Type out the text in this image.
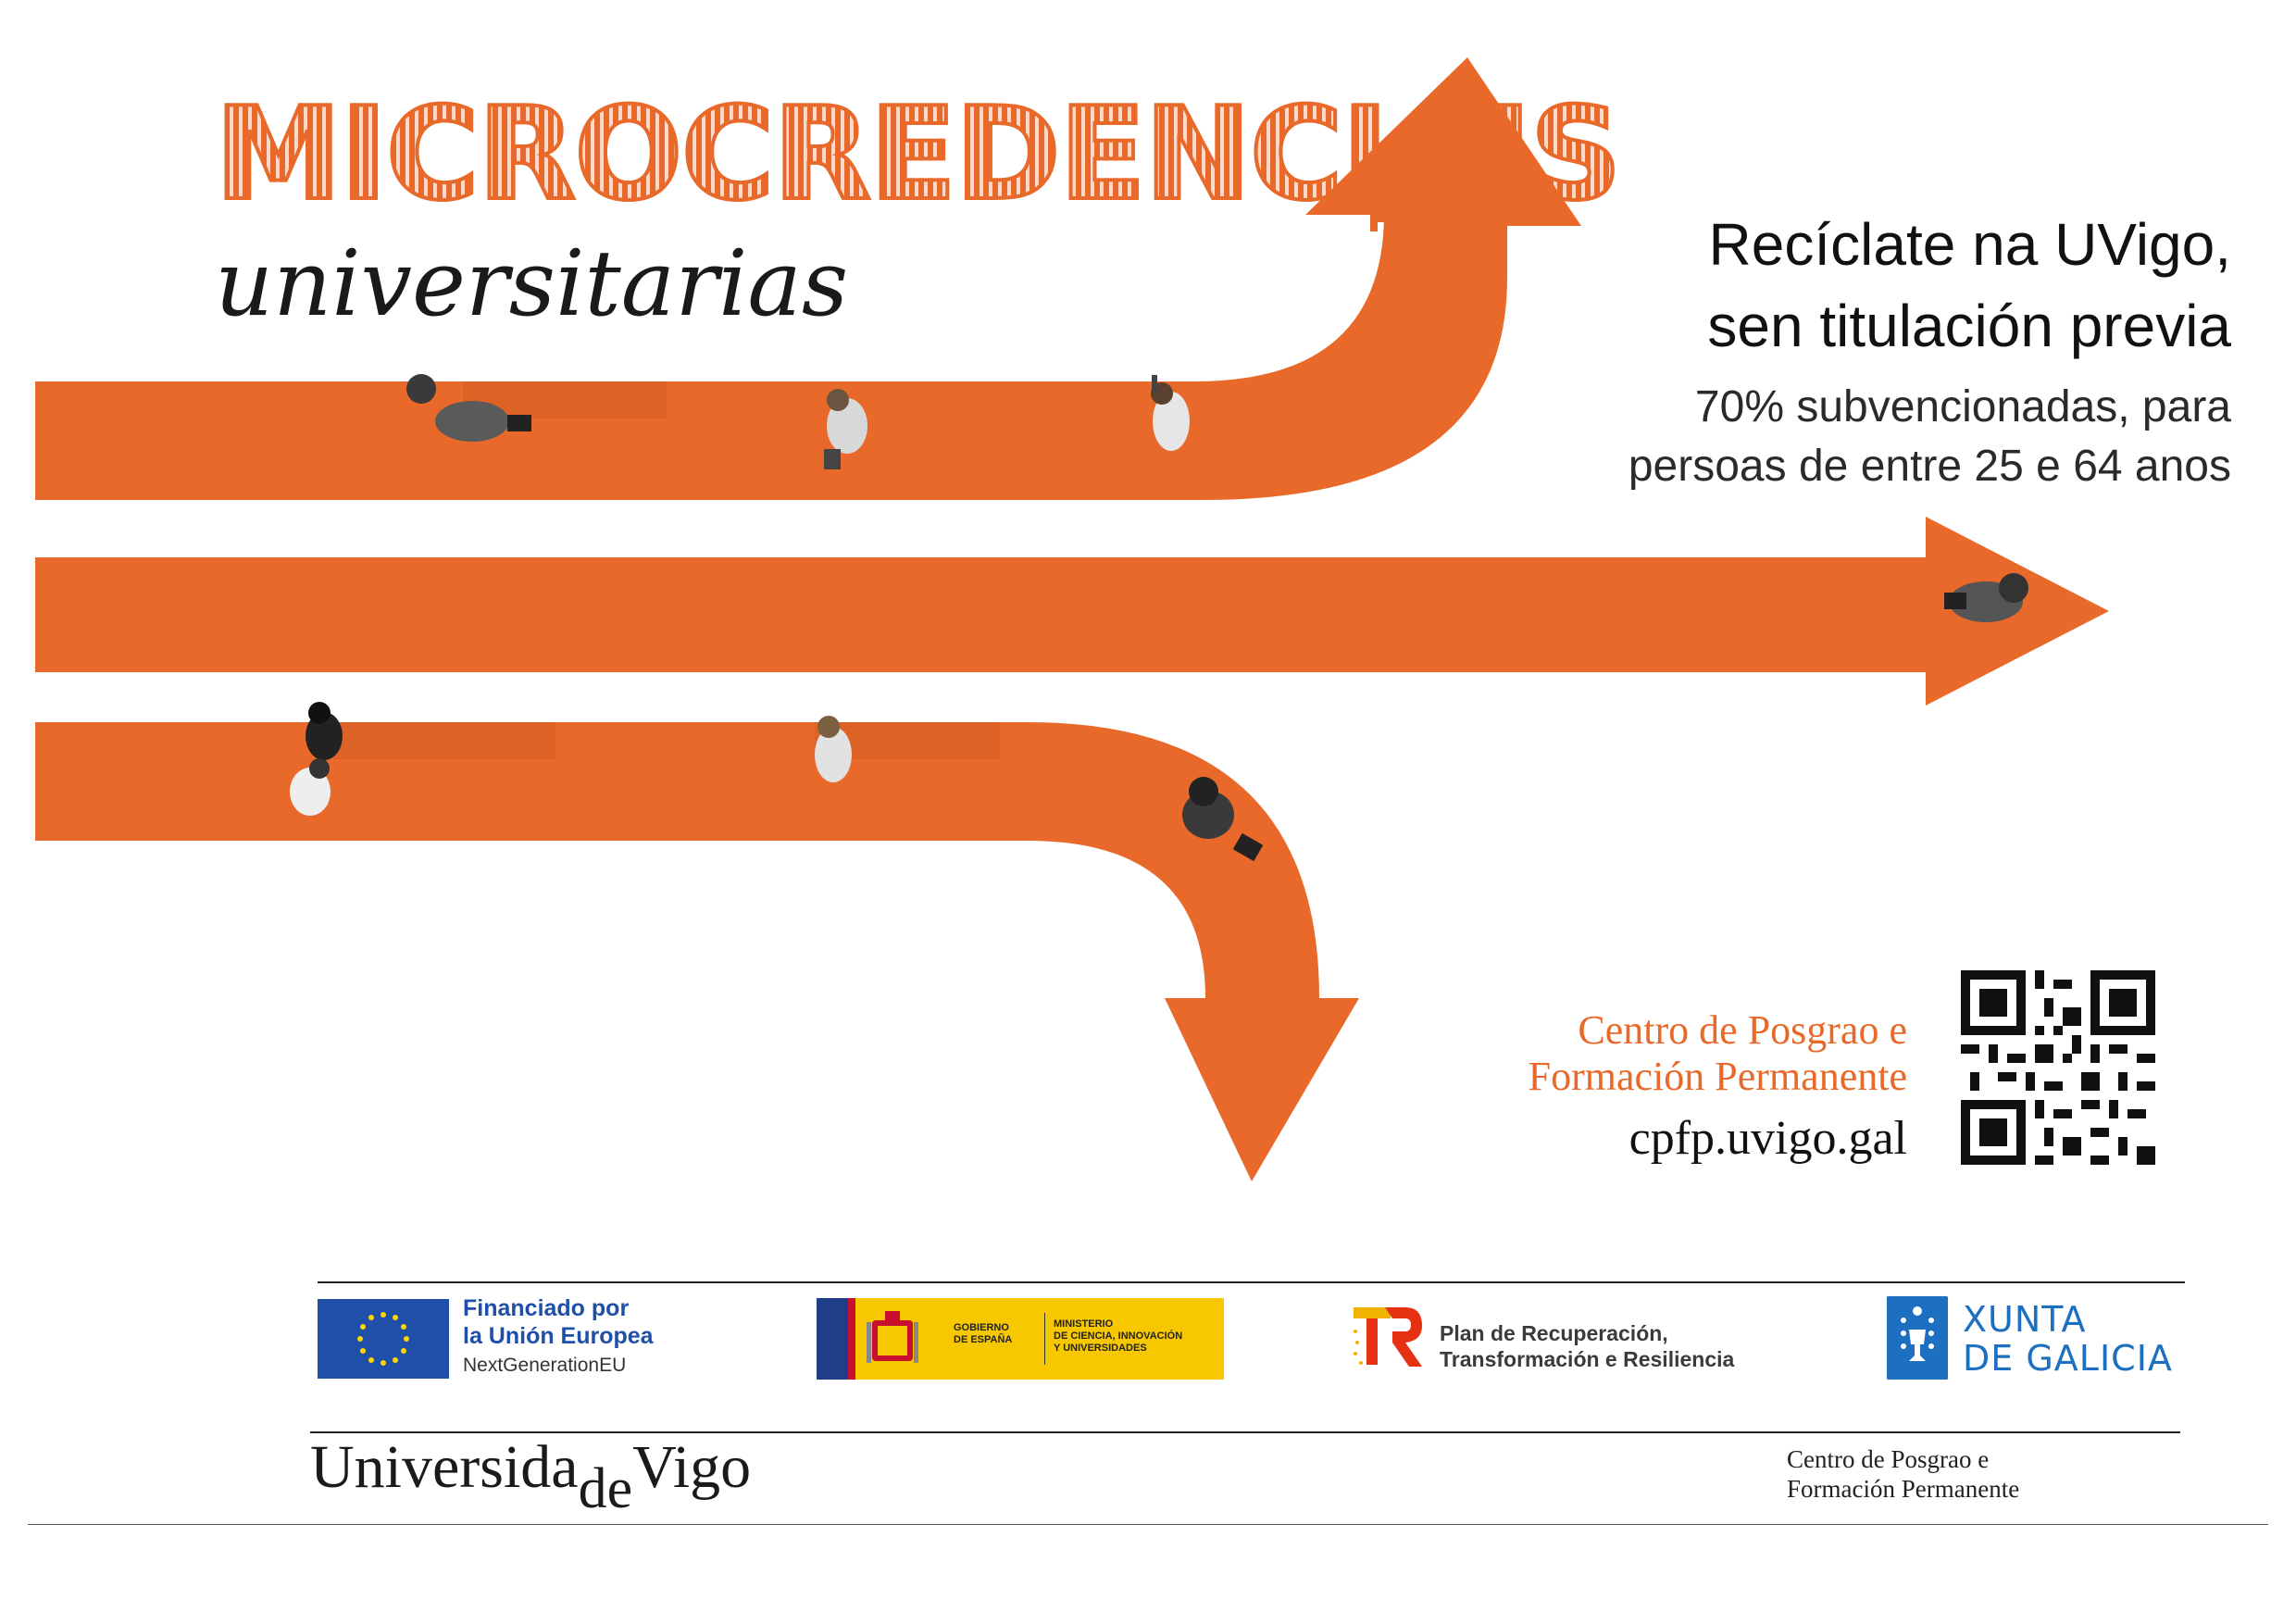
MICROCREDENCIAIS
universitarias	Recíclate na UVigo,
sen titulación previa
70% subvencionadas, para
persoas de entre 25 e 64 anos
Centro de Posgrao e
Formación Permanente
cpfp.uvigo.gal
Financiado por
la Unión Europea
NextGenerationEU
GOBIERNO
DE ESPAÑA
MINISTERIO
DE CIENCIA, INNOVACIÓN
Y UNIVERSIDADES
Plan de Recuperación,
Transformación e Resiliencia
XUNTA
DE GALICIA
UniversidadeVigo	Centro de Posgrao e
Formación Permanente
